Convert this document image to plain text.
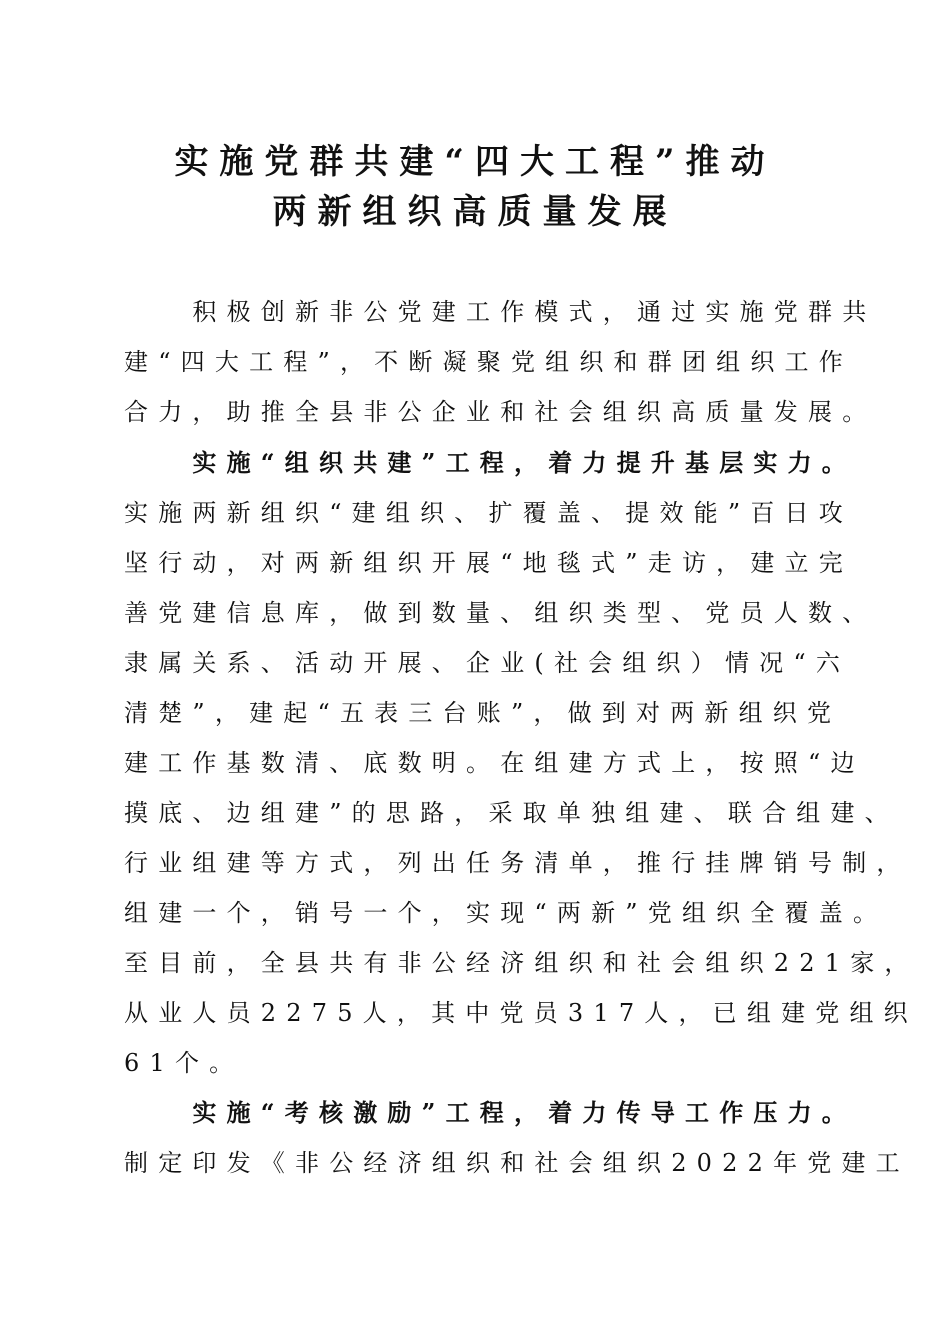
实施党群共建“四大工程”推动
两新组织高质量发展
　　积极创新非公党建工作模式，通过实施党群共
建“四大工程”，不断凝聚党组织和群团组织工作
合力，助推全县非公企业和社会组织高质量发展。
　　实施“组织共建”工程，着力提升基层实力。
实施两新组织“建组织、扩覆盖、提效能”百日攻
坚行动，对两新组织开展“地毯式”走访，建立完
善党建信息库，做到数量、组织类型、党员人数、
隶属关系、活动开展、企业(社会组织）情况“六
清楚”，建起“五表三台账”，做到对两新组织党
建工作基数清、底数明。在组建方式上，按照“边
摸底、边组建”的思路，采取单独组建、联合组建、
行业组建等方式，列出任务清单，推行挂牌销号制，
组建一个，销号一个，实现“两新”党组织全覆盖。
至目前，全县共有非公经济组织和社会组织221家，
从业人员2275人，其中党员317人，已组建党组织
61个。
　　实施“考核激励”工程，着力传导工作压力。
制定印发《非公经济组织和社会组织2022年党建工
